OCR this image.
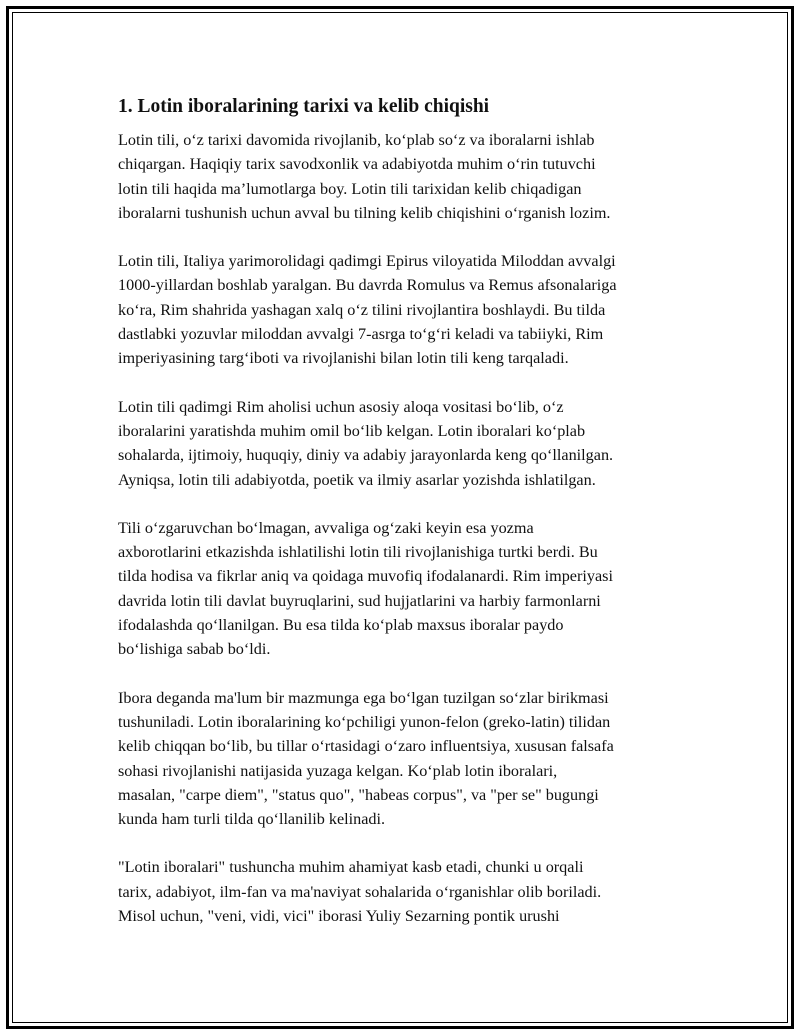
1. Lotin iboralarining tarixi va kelib chiqishi

Lotin tili, o‘z tarixi davomida rivojlanib, ko‘plab so‘z va iboralarni ishlab
chiqargan. Haqiqiy tarix savodxonlik va adabiyotda muhim o‘rin tutuvchi
lotin tili haqida ma’lumotlarga boy. Lotin tili tarixidan kelib chiqadigan
iboralarni tushunish uchun avval bu tilning kelib chiqishini o‘rganish lozim.

Lotin tili, Italiya yarimorolidagi qadimgi Epirus viloyatida Miloddan avvalgi
1000-yillardan boshlab yaralgan. Bu davrda Romulus va Remus afsonalariga
ko‘ra, Rim shahrida yashagan xalq o‘z tilini rivojlantira boshlaydi. Bu tilda
dastlabki yozuvlar miloddan avvalgi 7-asrga to‘g‘ri keladi va tabiiyki, Rim
imperiyasining targ‘iboti va rivojlanishi bilan lotin tili keng tarqaladi.

Lotin tili qadimgi Rim aholisi uchun asosiy aloqa vositasi bo‘lib, o‘z
iboralarini yaratishda muhim omil bo‘lib kelgan. Lotin iboralari ko‘plab
sohalarda, ijtimoiy, huquqiy, diniy va adabiy jarayonlarda keng qo‘llanilgan.
Ayniqsa, lotin tili adabiyotda, poetik va ilmiy asarlar yozishda ishlatilgan.

Tili o‘zgaruvchan bo‘lmagan, avvaliga og‘zaki keyin esa yozma
axborotlarini etkazishda ishlatilishi lotin tili rivojlanishiga turtki berdi. Bu
tilda hodisa va fikrlar aniq va qoidaga muvofiq ifodalanardi. Rim imperiyasi
davrida lotin tili davlat buyruqlarini, sud hujjatlarini va harbiy farmonlarni
ifodalashda qo‘llanilgan. Bu esa tilda ko‘plab maxsus iboralar paydo
bo‘lishiga sabab bo‘ldi.

Ibora deganda ma'lum bir mazmunga ega bo‘lgan tuzilgan so‘zlar birikmasi
tushuniladi. Lotin iboralarining ko‘pchiligi yunon-felon (greko-latin) tilidan
kelib chiqqan bo‘lib, bu tillar o‘rtasidagi o‘zaro influentsiya, xususan falsafa
sohasi rivojlanishi natijasida yuzaga kelgan. Ko‘plab lotin iboralari,
masalan, "carpe diem", "status quo", "habeas corpus", va "per se" bugungi
kunda ham turli tilda qo‘llanilib kelinadi.

"Lotin iboralari" tushuncha muhim ahamiyat kasb etadi, chunki u orqali
tarix, adabiyot, ilm-fan va ma'naviyat sohalarida o‘rganishlar olib boriladi.
Misol uchun, "veni, vidi, vici" iborasi Yuliy Sezarning pontik urushi
